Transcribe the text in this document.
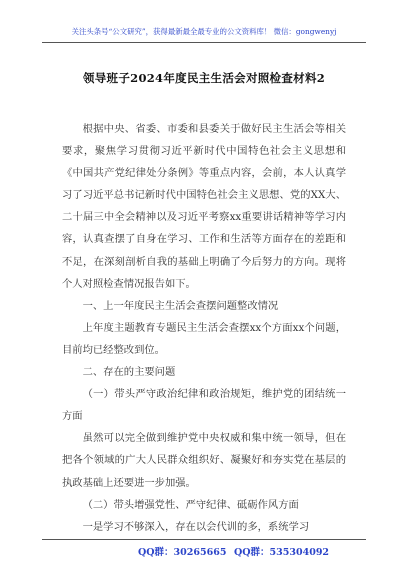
关注头条号“公文研究”，获得最新最全最专业的公文资料库！ 微信：gongwenyj
领导班子2024年度民主生活会对照检查材料2

根据中央、省委、市委和县委关于做好民主生活会等相关要求，聚焦学习贯彻习近平新时代中国特色社会主义思想和《中国共产党纪律处分条例》等重点内容，会前，本人认真学习了习近平总书记新时代中国特色社会主义思想、党的XX大、二十届三中全会精神以及习近平考察xx重要讲话精神等学习内容，认真查摆了自身在学习、工作和生活等方面存在的差距和不足，在深刻剖析自我的基础上明确了今后努力的方向。现将个人对照检查情况报告如下。

一、上一年度民主生活会查摆问题整改情况

上年度主题教育专题民主生活会查摆xx个方面xx个问题，目前均已经整改到位。

二、存在的主要问题

（一）带头严守政治纪律和政治规矩，维护党的团结统一方面

虽然可以完全做到维护党中央权威和集中统一领导，但在把各个领域的广大人民群众组织好、凝聚好和夯实党在基层的执政基础上还要进一步加强。

（二）带头增强党性、严守纪律、砥砺作风方面

一是学习不够深入，存在以会代训的多，系统学习

QQ群：30265665 QQ群：535304092
